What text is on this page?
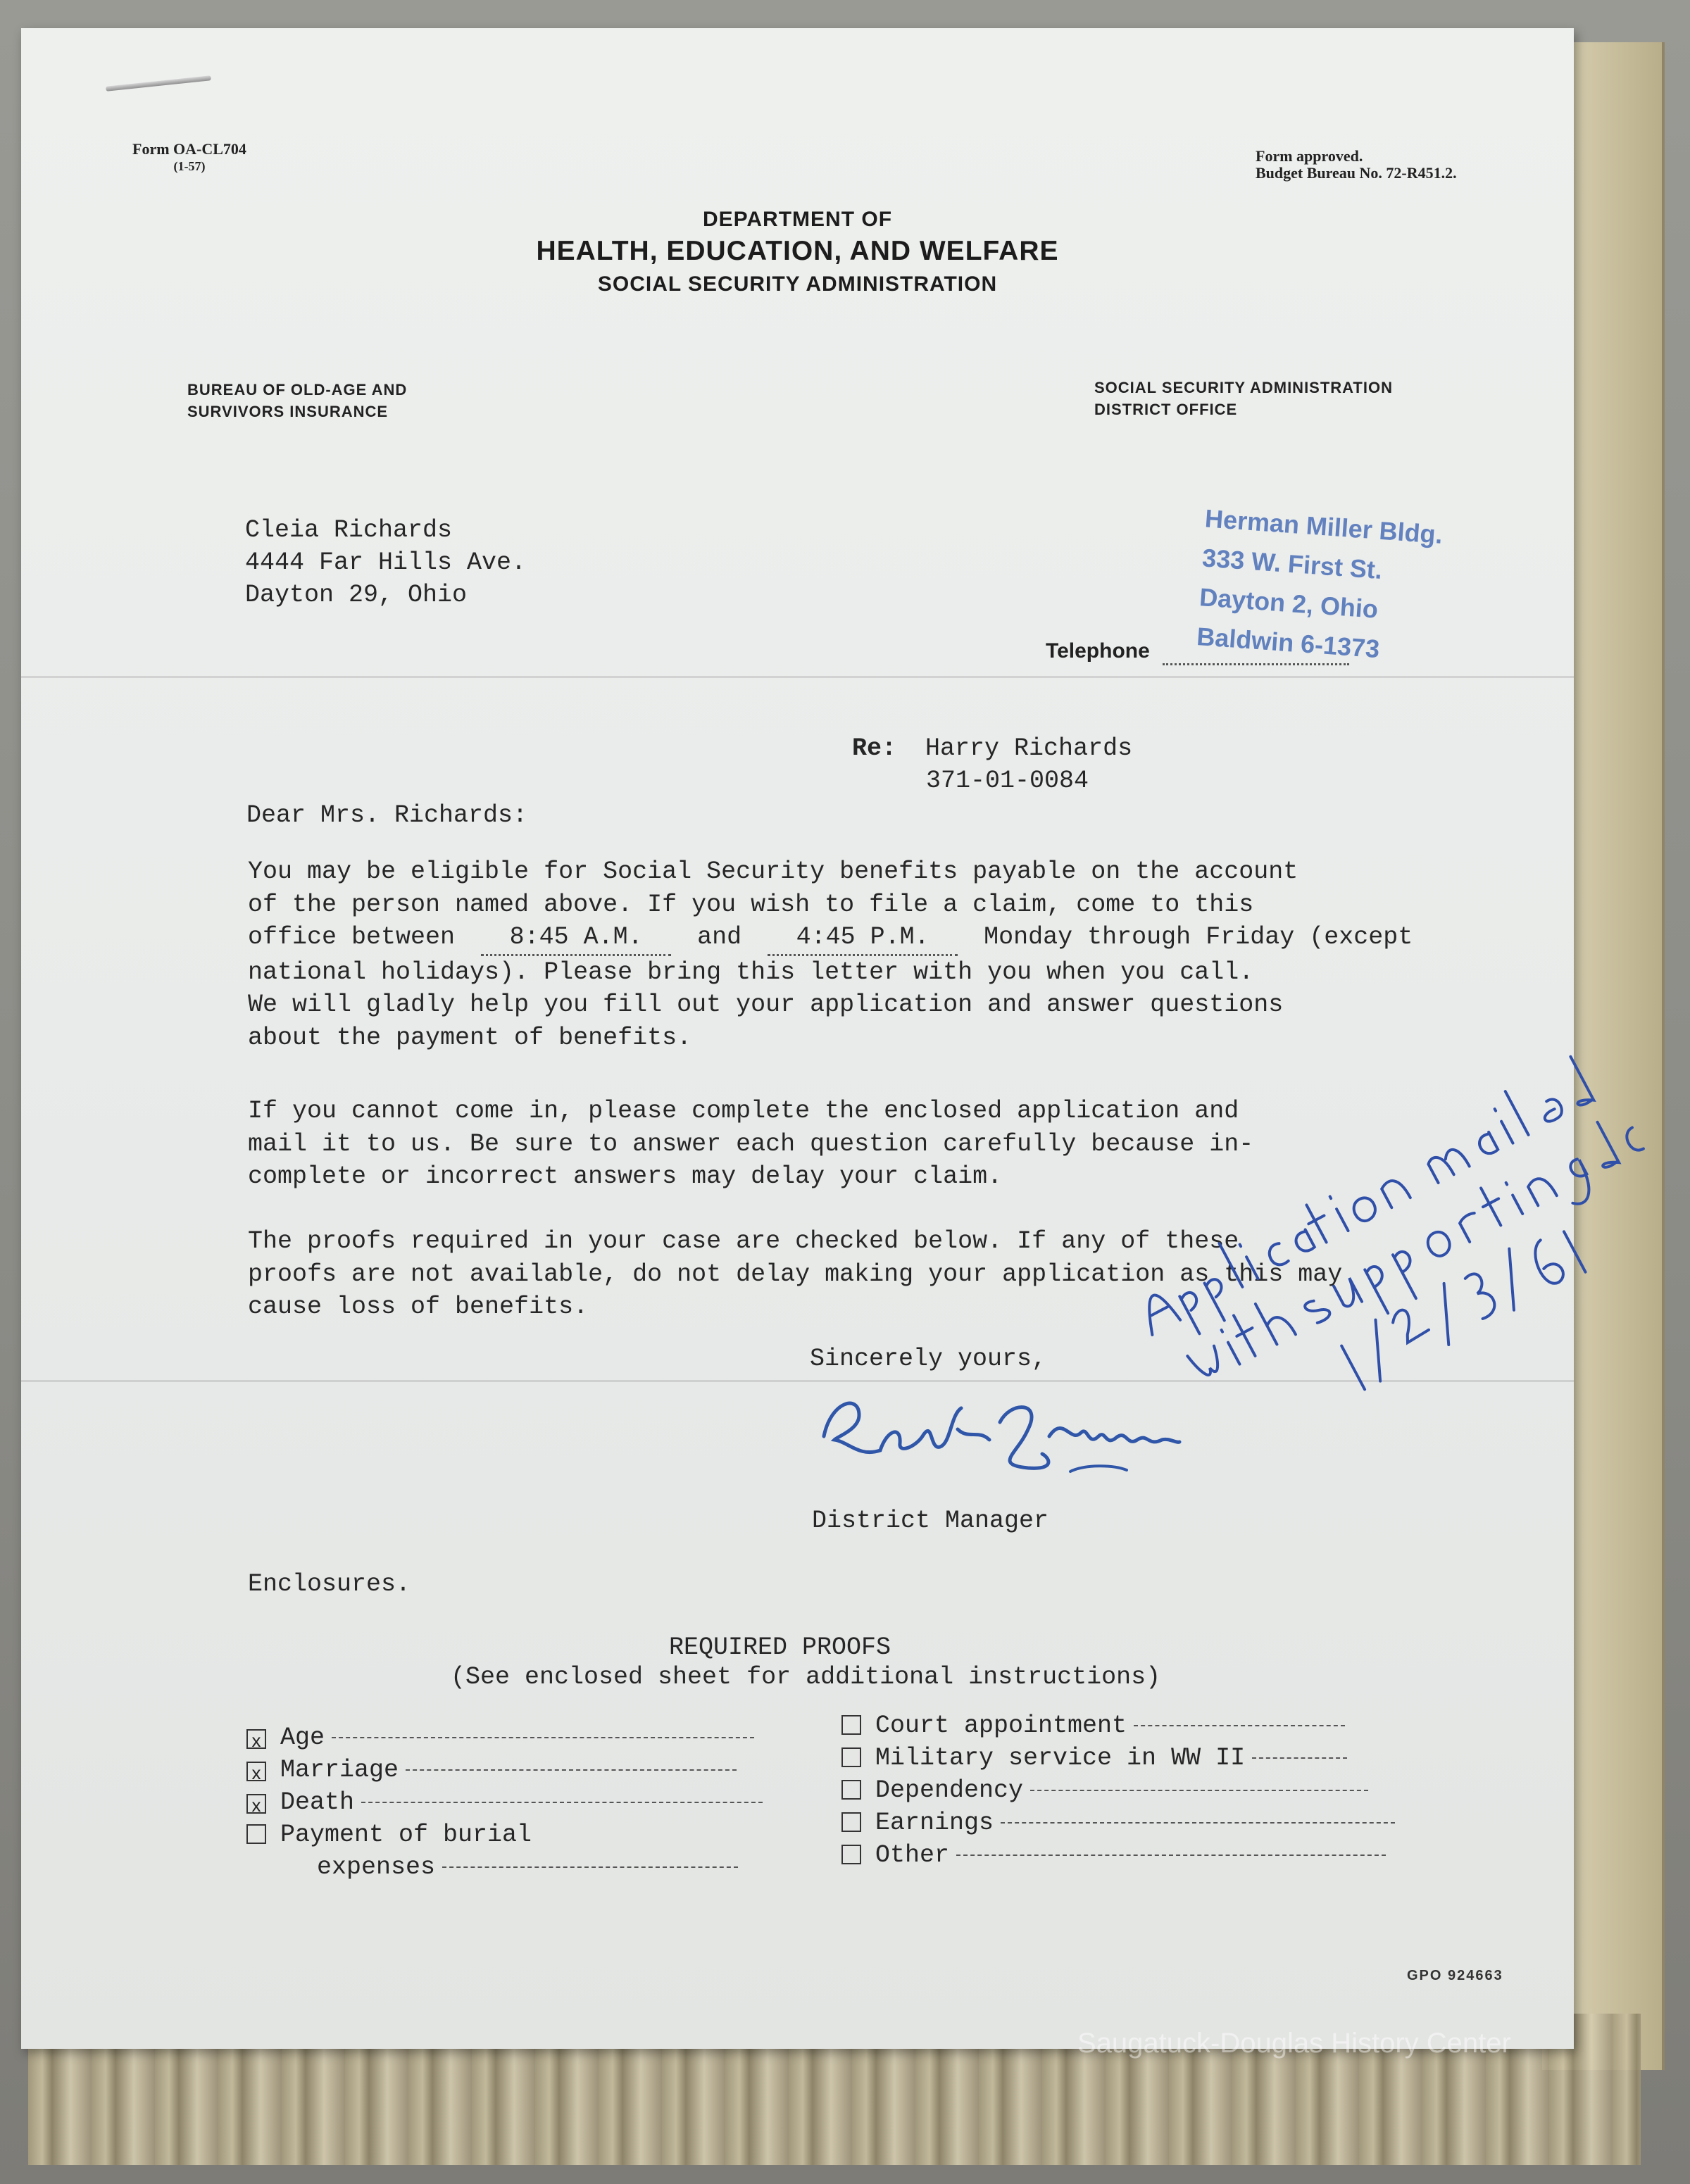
Form OA-CL704
(1-57)
Form approved.
Budget Bureau No. 72-R451.2.
DEPARTMENT OF
HEALTH, EDUCATION, AND WELFARE
SOCIAL SECURITY ADMINISTRATION
BUREAU OF OLD-AGE AND
SURVIVORS INSURANCE
SOCIAL SECURITY ADMINISTRATION
DISTRICT OFFICE
Cleia Richards
4444 Far Hills Ave.
Dayton 29, Ohio
Herman Miller Bldg.
333 W. First St.
Dayton 2, Ohio
Baldwin 6-1373
Telephone
Re: Harry Richards
371-01-0084
Dear Mrs. Richards:
You may be eligible for Social Security benefits payable on the account
of the person named above. If you wish to file a claim, come to this
office between 8:45 A.M. and 4:45 P.M. Monday through Friday (except
national holidays). Please bring this letter with you when you call.
We will gladly help you fill out your application and answer questions
about the payment of benefits.
If you cannot come in, please complete the enclosed application and
mail it to us. Be sure to answer each question carefully because in-
complete or incorrect answers may delay your claim.
The proofs required in your case are checked below. If any of these
proofs are not available, do not delay making your application as this may
cause loss of benefits.
Sincerely yours,
District Manager
Enclosures.
REQUIRED PROOFS
(See enclosed sheet for additional instructions)
x Age
x Marriage
x Death
Payment of burial
expenses
Court appointment
Military service in WW II
Dependency
Earnings
Other
GPO 924663
Saugatuck-Douglas History Center
